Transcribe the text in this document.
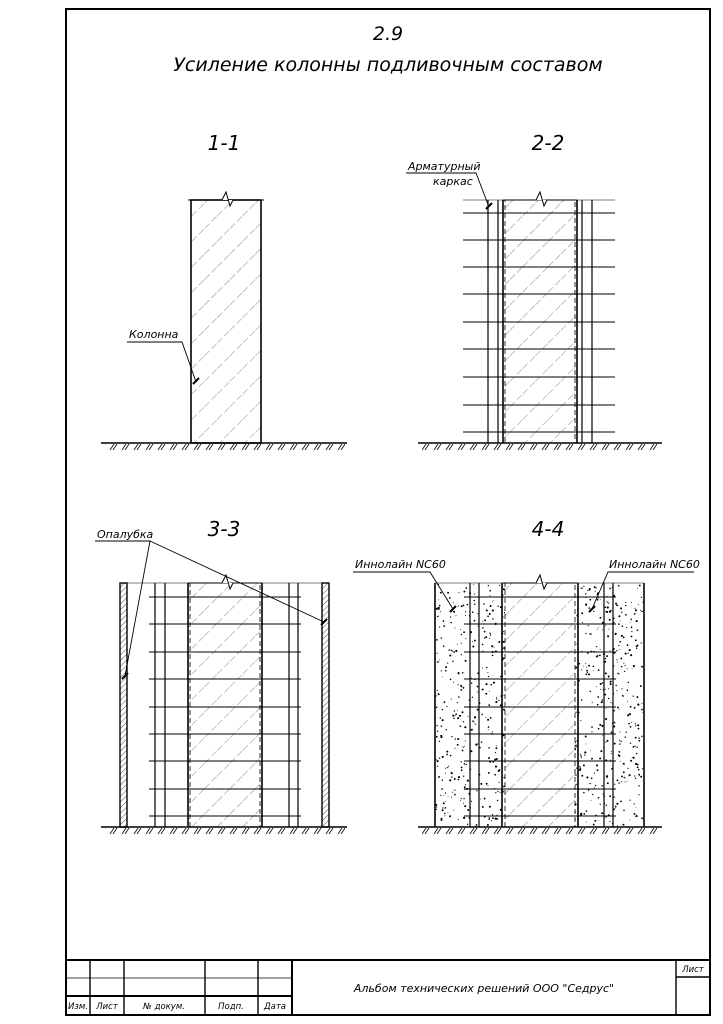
2.9
Усиление колонны подливочным составом
1-1
Колонна
2-2
Арматурный
каркас
3-3
Опалубка	4-4
Иннолайн NC60	Иннолайн NC60
Изм. Лист	№ докум.	Подп. Дата
Альбом технических решений ООО "Седрус"
Лист
